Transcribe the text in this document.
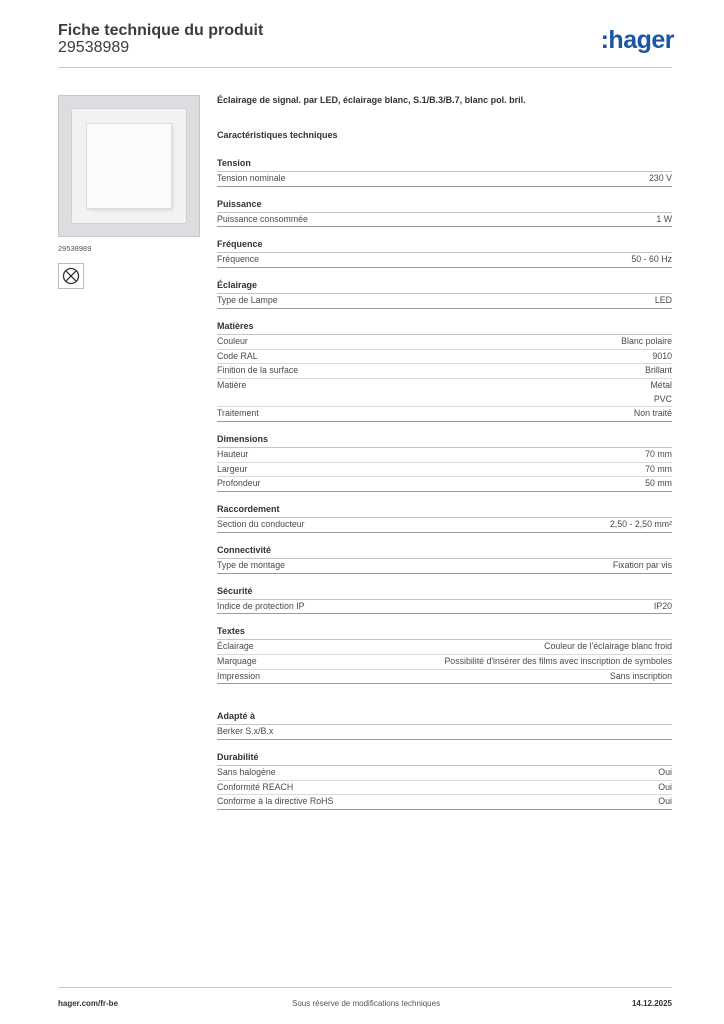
Fiche technique du produit
29538989	:hager
29538989
Éclairage de signal. par LED, éclairage blanc, S.1/B.3/B.7, blanc pol. bril.
Caractéristiques techniques
Tension
Tension nominale	230 V
Puissance
Puissance consommée	1 W
Fréquence
Fréquence	50 - 60 Hz
Éclairage
Type de Lampe	LED
Matières
Couleur	Blanc polaire
Code RAL	9010
Finition de la surface	Brillant
Matière	Métal
PVC
Traitement	Non traité
Dimensions
Hauteur	70 mm
Largeur	70 mm
Profondeur	50 mm
Raccordement
Section du conducteur	2,50 - 2,50 mm²
Connectivité
Type de montage	Fixation par vis
Sécurité
Indice de protection IP	IP20
Textes
Éclairage	Couleur de l'éclairage blanc froid
Marquage	Possibilité d'insérer des films avec inscription de symboles
Impression	Sans inscription
Adapté à
Berker S.x/B.x
Durabilité
Sans halogène	Oui
Conformité REACH	Oui
Conforme à la directive RoHS	Oui
hager.com/fr-be	Sous réserve de modifications techniques	14.12.2025
